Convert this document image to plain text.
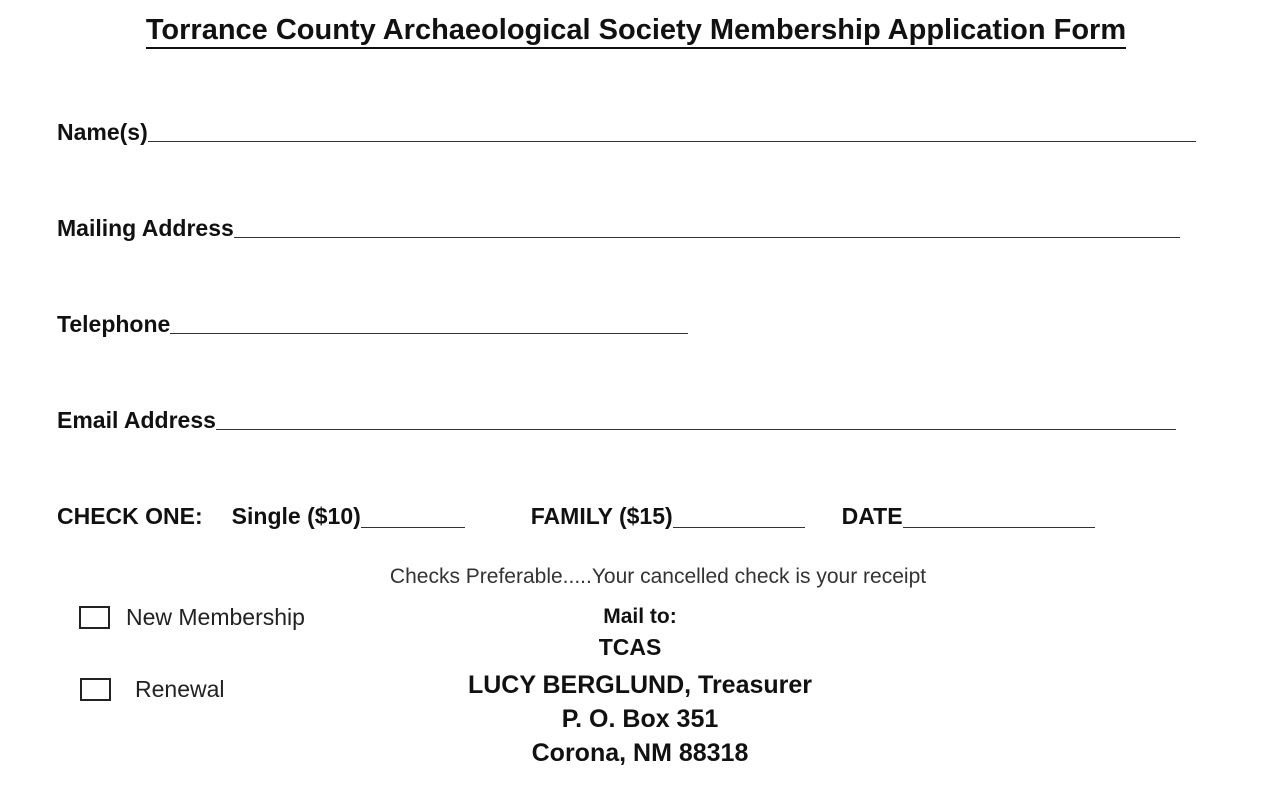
Torrance County Archaeological Society Membership Application Form
Name(s)
Mailing Address
Telephone
Email Address
CHECK ONE: Single ($10)	FAMILY ($15)	DATE
Checks Preferable.....Your cancelled check is your receipt
New Membership
Renewal
Mail to:
TCAS
LUCY BERGLUND, Treasurer
P. O. Box 351
Corona, NM 88318
